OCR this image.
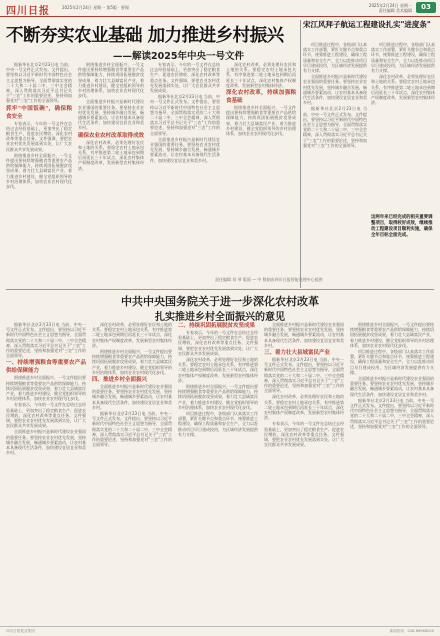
四川日报	2025年2月24日 星期一 第5版 · 要闻	2025年2月24日 星期一
责任编辑 美术编辑	03
不断夯实农业基础 加力推进乡村振兴
——解读2025年中央一号文件
宋江风拜子航运工程建设扎实"进度条"

据新华社北京2月23日电 当前，中央一号文件正式发布。文件提出，要坚持以习近平新时代中国特色社会主义思想为指导，全面贯彻落实党的二十大和二十届二中、三中全会精神，深入贯彻落实习近平总书记关于"三农"工作的重要论述，坚持和加强党对"三农"工作的全面领导。

抓牢"中国饭碗"，确保粮食安全

专家表示，今年的一号文件在总结过去经验基础上，更加突出了稳定粮食生产、促进农民增收、深化农村改革等重点任务。文件强调，要把农业农村优先发展落到实处，让广大农民群众共享发展成果。

围绕推进乡村全面振兴，一号文件提出要持续增强粮食等重要农产品供给保障能力，持续巩固拓展脱贫攻坚成果，着力壮大县域富民产业，着力推进乡村建设，健全党组织领导的乡村治理体系，加快农业农村现代化步伐。

围绕推进乡村全面振兴，一号文件提出要持续增强粮食等重要农产品供给保障能力，持续巩固拓展脱贫攻坚成果，着力壮大县域富民产业，着力推进乡村建设，健全党组织领导的乡村治理体系，加快农业农村现代化步伐。

全面推进乡村振兴是新时代建设农业强国的重要任务。要坚持农业农村优先发展，坚持城乡融合发展，畅通城乡要素流动，让农村基本具备现代生活条件，加快建设宜居宜业和美乡村。

确保农业农村改革取得成效

深化农村改革，必须处理好农民和土地的关系。要稳定农村土地承包关系，有序推进第二轮土地承包到期后再延长三十年试点，深化农村集体产权制度改革，发展新型农村集体经济。

专家表示，今年的一号文件在总结过去经验基础上，更加突出了稳定粮食生产、促进农民增收、深化农村改革等重点任务。文件强调，要把农业农村优先发展落到实处，让广大农民群众共享发展成果。

据新华社北京2月23日电 当前，中央一号文件正式发布。文件提出，要坚持以习近平新时代中国特色社会主义思想为指导，全面贯彻落实党的二十大和二十届二中、三中全会精神，深入贯彻落实习近平总书记关于"三农"工作的重要论述，坚持和加强党对"三农"工作的全面领导。

全面推进乡村振兴是新时代建设农业强国的重要任务。要坚持农业农村优先发展，坚持城乡融合发展，畅通城乡要素流动，让农村基本具备现代生活条件，加快建设宜居宜业和美乡村。

深化农村改革，必须处理好农民和土地的关系。要稳定农村土地承包关系，有序推进第二轮土地承包到期后再延长三十年试点，深化农村集体产权制度改革，发展新型农村集体经济。

深化农村改革，持续加强粮食基础

围绕推进乡村全面振兴，一号文件提出要持续增强粮食等重要农产品供给保障能力，持续巩固拓展脱贫攻坚成果，着力壮大县域富民产业，着力推进乡村建设，健全党组织领导的乡村治理体系，加快农业农村现代化步伐。

项目推进过程中，各级部门认真落实工作部署，紧盯关键节点和重点环节，统筹推进工程建设，确保工程质量和安全生产，全力以赴推动项目早日建成投用，为区域经济发展提供有力支撑。

全面推进乡村振兴是新时代建设农业强国的重要任务。要坚持农业农村优先发展，坚持城乡融合发展，畅通城乡要素流动，让农村基本具备现代生活条件，加快建设宜居宜业和美乡村。

据新华社北京2月23日电 当前，中央一号文件正式发布。文件提出，要坚持以习近平新时代中国特色社会主义思想为指导，全面贯彻落实党的二十大和二十届二中、三中全会精神，深入贯彻落实习近平总书记关于"三农"工作的重要论述，坚持和加强党对"三农"工作的全面领导。

项目推进过程中，各级部门认真落实工作部署，紧盯关键节点和重点环节，统筹推进工程建设，确保工程质量和安全生产，全力以赴推动项目早日建成投用，为区域经济发展提供有力支撑。

深化农村改革，必须处理好农民和土地的关系。要稳定农村土地承包关系，有序推进第二轮土地承包到期后再延长三十年试点，深化农村集体产权制度改革，发展新型农村集体经济。

这两年来已经完成的相关重要调整项目，取得较好成效，继续推动工程建设项目顺利实施，确保全年目标全面完成。
责任编辑 刘 琴 版面 — 中 数据由四川日报智能处理中心提供
中共中央国务院关于进一步深化农村改革
扎实推进乡村全面振兴的意见

据新华社北京2月23日电 当前，中央一号文件正式发布。文件提出，要坚持以习近平新时代中国特色社会主义思想为指导，全面贯彻落实党的二十大和二十届二中、三中全会精神，深入贯彻落实习近平总书记关于"三农"工作的重要论述，坚持和加强党对"三农"工作的全面领导。

一、持续增强粮食等重要农产品供给保障能力

围绕推进乡村全面振兴，一号文件提出要持续增强粮食等重要农产品供给保障能力，持续巩固拓展脱贫攻坚成果，着力壮大县域富民产业，着力推进乡村建设，健全党组织领导的乡村治理体系，加快农业农村现代化步伐。

专家表示，今年的一号文件在总结过去经验基础上，更加突出了稳定粮食生产、促进农民增收、深化农村改革等重点任务。文件强调，要把农业农村优先发展落到实处，让广大农民群众共享发展成果。

全面推进乡村振兴是新时代建设农业强国的重要任务。要坚持农业农村优先发展，坚持城乡融合发展，畅通城乡要素流动，让农村基本具备现代生活条件，加快建设宜居宜业和美乡村。

深化农村改革，必须处理好农民和土地的关系。要稳定农村土地承包关系，有序推进第二轮土地承包到期后再延长三十年试点，深化农村集体产权制度改革，发展新型农村集体经济。

围绕推进乡村全面振兴，一号文件提出要持续增强粮食等重要农产品供给保障能力，持续巩固拓展脱贫攻坚成果，着力壮大县域富民产业，着力推进乡村建设，健全党组织领导的乡村治理体系，加快农业农村现代化步伐。

四、推进乡村全面振兴

全面推进乡村振兴是新时代建设农业强国的重要任务。要坚持农业农村优先发展，坚持城乡融合发展，畅通城乡要素流动，让农村基本具备现代生活条件，加快建设宜居宜业和美乡村。

据新华社北京2月23日电 当前，中央一号文件正式发布。文件提出，要坚持以习近平新时代中国特色社会主义思想为指导，全面贯彻落实党的二十大和二十届二中、三中全会精神，深入贯彻落实习近平总书记关于"三农"工作的重要论述，坚持和加强党对"三农"工作的全面领导。

二、持续巩固拓展脱贫攻坚成果

专家表示，今年的一号文件在总结过去经验基础上，更加突出了稳定粮食生产、促进农民增收、深化农村改革等重点任务。文件强调，要把农业农村优先发展落到实处，让广大农民群众共享发展成果。

深化农村改革，必须处理好农民和土地的关系。要稳定农村土地承包关系，有序推进第二轮土地承包到期后再延长三十年试点，深化农村集体产权制度改革，发展新型农村集体经济。

围绕推进乡村全面振兴，一号文件提出要持续增强粮食等重要农产品供给保障能力，持续巩固拓展脱贫攻坚成果，着力壮大县域富民产业，着力推进乡村建设，健全党组织领导的乡村治理体系，加快农业农村现代化步伐。

项目推进过程中，各级部门认真落实工作部署，紧盯关键节点和重点环节，统筹推进工程建设，确保工程质量和安全生产，全力以赴推动项目早日建成投用，为区域经济发展提供有力支撑。

全面推进乡村振兴是新时代建设农业强国的重要任务。要坚持农业农村优先发展，坚持城乡融合发展，畅通城乡要素流动，让农村基本具备现代生活条件，加快建设宜居宜业和美乡村。

三、着力壮大县域富民产业

据新华社北京2月23日电 当前，中央一号文件正式发布。文件提出，要坚持以习近平新时代中国特色社会主义思想为指导，全面贯彻落实党的二十大和二十届二中、三中全会精神，深入贯彻落实习近平总书记关于"三农"工作的重要论述，坚持和加强党对"三农"工作的全面领导。

深化农村改革，必须处理好农民和土地的关系。要稳定农村土地承包关系，有序推进第二轮土地承包到期后再延长三十年试点，深化农村集体产权制度改革，发展新型农村集体经济。

专家表示，今年的一号文件在总结过去经验基础上，更加突出了稳定粮食生产、促进农民增收、深化农村改革等重点任务。文件强调，要把农业农村优先发展落到实处，让广大农民群众共享发展成果。

围绕推进乡村全面振兴，一号文件提出要持续增强粮食等重要农产品供给保障能力，持续巩固拓展脱贫攻坚成果，着力壮大县域富民产业，着力推进乡村建设，健全党组织领导的乡村治理体系，加快农业农村现代化步伐。

项目推进过程中，各级部门认真落实工作部署，紧盯关键节点和重点环节，统筹推进工程建设，确保工程质量和安全生产，全力以赴推动项目早日建成投用，为区域经济发展提供有力支撑。

全面推进乡村振兴是新时代建设农业强国的重要任务。要坚持农业农村优先发展，坚持城乡融合发展，畅通城乡要素流动，让农村基本具备现代生活条件，加快建设宜居宜业和美乡村。

据新华社北京2月23日电 当前，中央一号文件正式发布。文件提出，要坚持以习近平新时代中国特色社会主义思想为指导，全面贯彻落实党的二十大和二十届二中、三中全会精神，深入贯彻落实习近平总书记关于"三农"工作的重要论述，坚持和加强党对"三农"工作的全面领导。

四川日报报业集团	新闻热线：028-86968000
